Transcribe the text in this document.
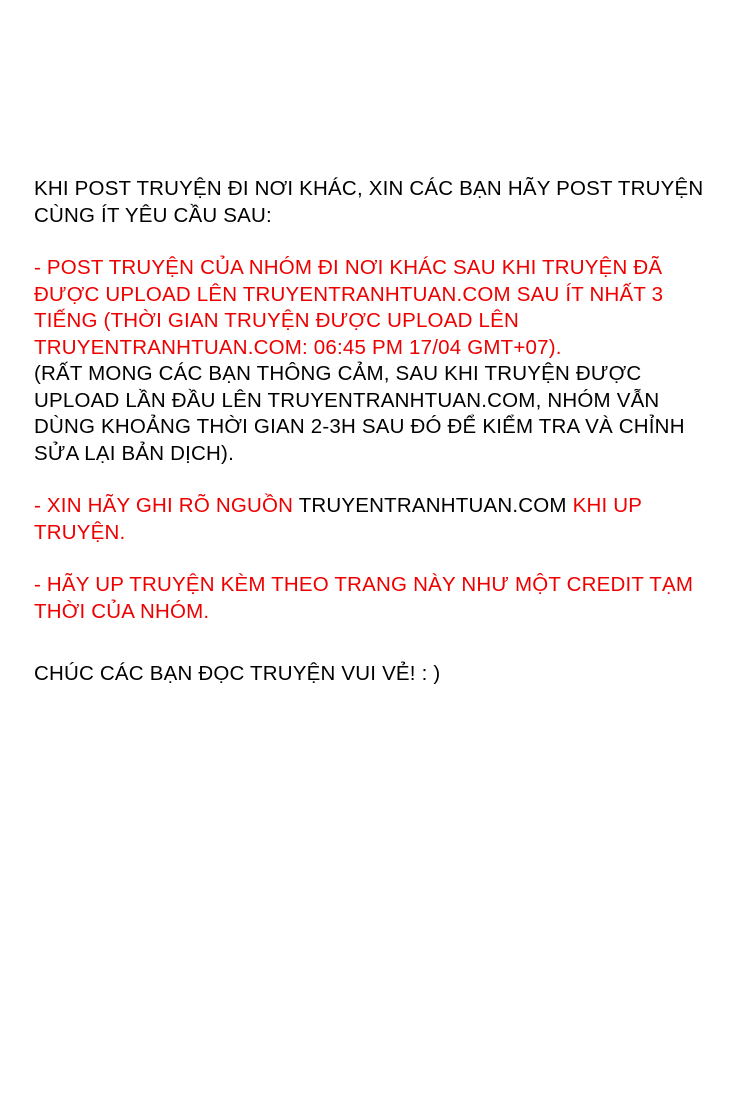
KHI POST TRUYỆN ĐI NƠI KHÁC, XIN CÁC BẠN HÃY POST TRUYỆN CÙNG ÍT YÊU CẦU SAU:

- POST TRUYỆN CỦA NHÓM ĐI NƠI KHÁC SAU KHI TRUYỆN ĐÃ ĐƯỢC UPLOAD LÊN TRUYENTRANHTUAN.COM SAU ÍT NHẤT 3 TIẾNG (THỜI GIAN TRUYỆN ĐƯỢC UPLOAD LÊN TRUYENTRANHTUAN.COM: 06:45 PM 17/04 GMT+07).

(RẤT MONG CÁC BẠN THÔNG CẢM, SAU KHI TRUYỆN ĐƯỢC UPLOAD LẦN ĐẦU LÊN TRUYENTRANHTUAN.COM, NHÓM VẪN DÙNG KHOẢNG THỜI GIAN 2-3H SAU ĐÓ ĐỂ KIỂM TRA VÀ CHỈNH SỬA LẠI BẢN DỊCH).

- XIN HÃY GHI RÕ NGUỒN TRUYENTRANHTUAN.COM KHI UP TRUYỆN.

- HÃY UP TRUYỆN KÈM THEO TRANG NÀY NHƯ MỘT CREDIT TẠM THỜI CỦA NHÓM.

CHÚC CÁC BẠN ĐỌC TRUYỆN VUI VẺ! : )
